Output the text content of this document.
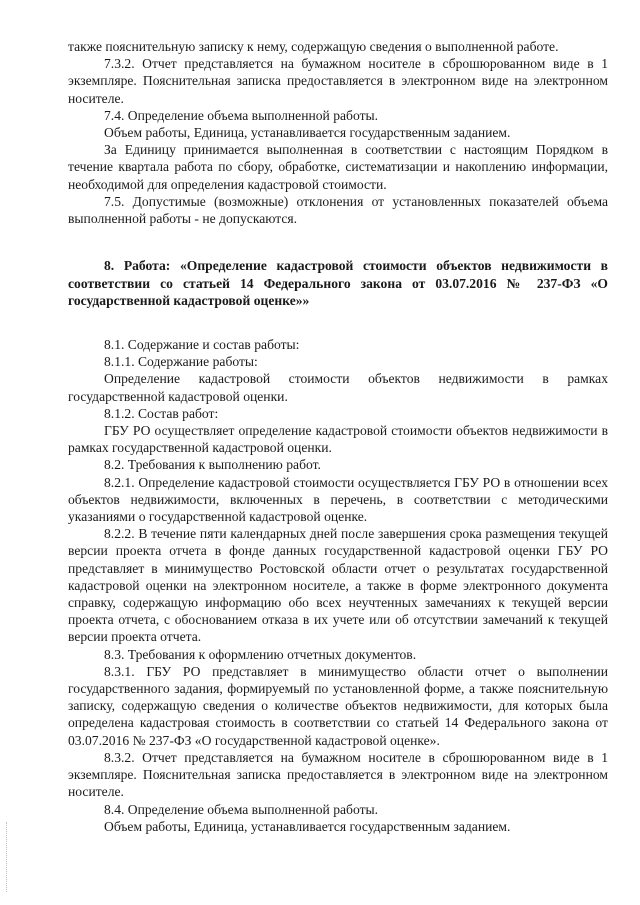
также пояснительную записку к нему, содержащую сведения о выполненной работе.

7.3.2. Отчет представляется на бумажном носителе в сброшюрованном виде в 1 экземпляре. Пояснительная записка предоставляется в электронном виде на электронном носителе.

7.4. Определение объема выполненной работы.

Объем работы, Единица, устанавливается государственным заданием.

За Единицу принимается выполненная в соответствии с настоящим Порядком в течение квартала работа по сбору, обработке, систематизации и накоплению информации, необходимой для определения кадастровой стоимости.

7.5. Допустимые (возможные) отклонения от установленных показателей объема выполненной работы - не допускаются.

8. Работа: «Определение кадастровой стоимости объектов недвижимости в соответствии со статьей 14 Федерального закона от 03.07.2016 № 237-ФЗ «О государственной кадастровой оценке»»

8.1. Содержание и состав работы:

8.1.1. Содержание работы:

Определение кадастровой стоимости объектов недвижимости в рамках государственной кадастровой оценки.

8.1.2. Состав работ:

ГБУ РО осуществляет определение кадастровой стоимости объектов недвижимости в рамках государственной кадастровой оценки.

8.2. Требования к выполнению работ.

8.2.1. Определение кадастровой стоимости осуществляется ГБУ РО в отношении всех объектов недвижимости, включенных в перечень, в соответствии с методическими указаниями о государственной кадастровой оценке.

8.2.2. В течение пяти календарных дней после завершения срока размещения текущей версии проекта отчета в фонде данных государственной кадастровой оценки ГБУ РО представляет в минимущество Ростовской области отчет о результатах государственной кадастровой оценки на электронном носителе, а также в форме электронного документа справку, содержащую информацию обо всех неучтенных замечаниях к текущей версии проекта отчета, с обоснованием отказа в их учете или об отсутствии замечаний к текущей версии проекта отчета.

8.3. Требования к оформлению отчетных документов.

8.3.1. ГБУ РО представляет в минимущество области отчет о выполнении государственного задания, формируемый по установленной форме, а также пояснительную записку, содержащую сведения о количестве объектов недвижимости, для которых была определена кадастровая стоимость в соответствии со статьей 14 Федерального закона от 03.07.2016 № 237-ФЗ «О государственной кадастровой оценке».

8.3.2. Отчет представляется на бумажном носителе в сброшюрованном виде в 1 экземпляре. Пояснительная записка предоставляется в электронном виде на электронном носителе.

8.4. Определение объема выполненной работы.

Объем работы, Единица, устанавливается государственным заданием.
